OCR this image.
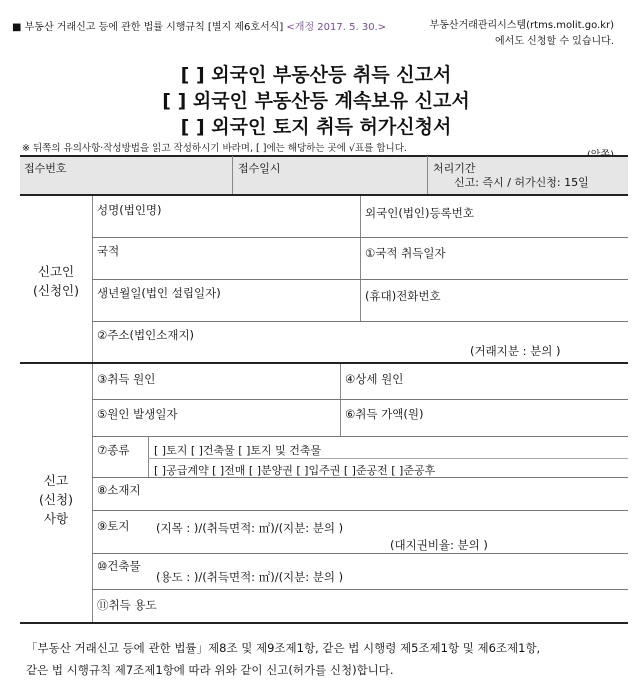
■ 부동산 거래신고 등에 관한 법률 시행규칙 [별지 제6호서식] <개정 2017. 5. 30.>	부동산거래관리시스템(rtms.molit.go.kr)
에서도 신청할 수 있습니다.
[ ] 외국인 부동산등 취득 신고서
[ ] 외국인 부동산등 계속보유 신고서
[ ] 외국인 토지 취득 허가신청서
※ 뒤쪽의 유의사항·작성방법을 읽고 작성하시기 바라며, [ ]에는 해당하는 곳에 √표를 합니다.
접수번호	접수일시	처리기간
신고: 즉시 / 허가신청: 15일
신고인
(신청인)
성명(법인명)	외국인(법인)등록번호
국적	①국적 취득일자
생년월일(법인 설립일자)	(휴대)전화번호
②주소(법인소재지)
(거래지분 : 분의 )
신고
(신청)
사항
③취득 원인	④상세 원인
⑤원인 발생일자	⑥취득 가액(원)
⑦종류 [ ]토지 [ ]건축물 [ ]토지 및 건축물
[ ]공급계약 [ ]전매 [ ]분양권 [ ]입주권 [ ]준공전 [ ]준공후
⑧소재지
⑨토지 (지목 : )/(취득면적: ㎡)/(지분: 분의 )
(대지권비율: 분의 )
⑩건축물
(용도 : )/(취득면적: ㎡)/(지분: 분의 )
⑪취득 용도
「부동산 거래신고 등에 관한 법률」제8조 및 제9조제1항, 같은 법 시행령 제5조제1항 및 제6조제1항,
같은 법 시행규칙 제7조제1항에 따라 위와 같이 신고(허가를 신청)합니다.
